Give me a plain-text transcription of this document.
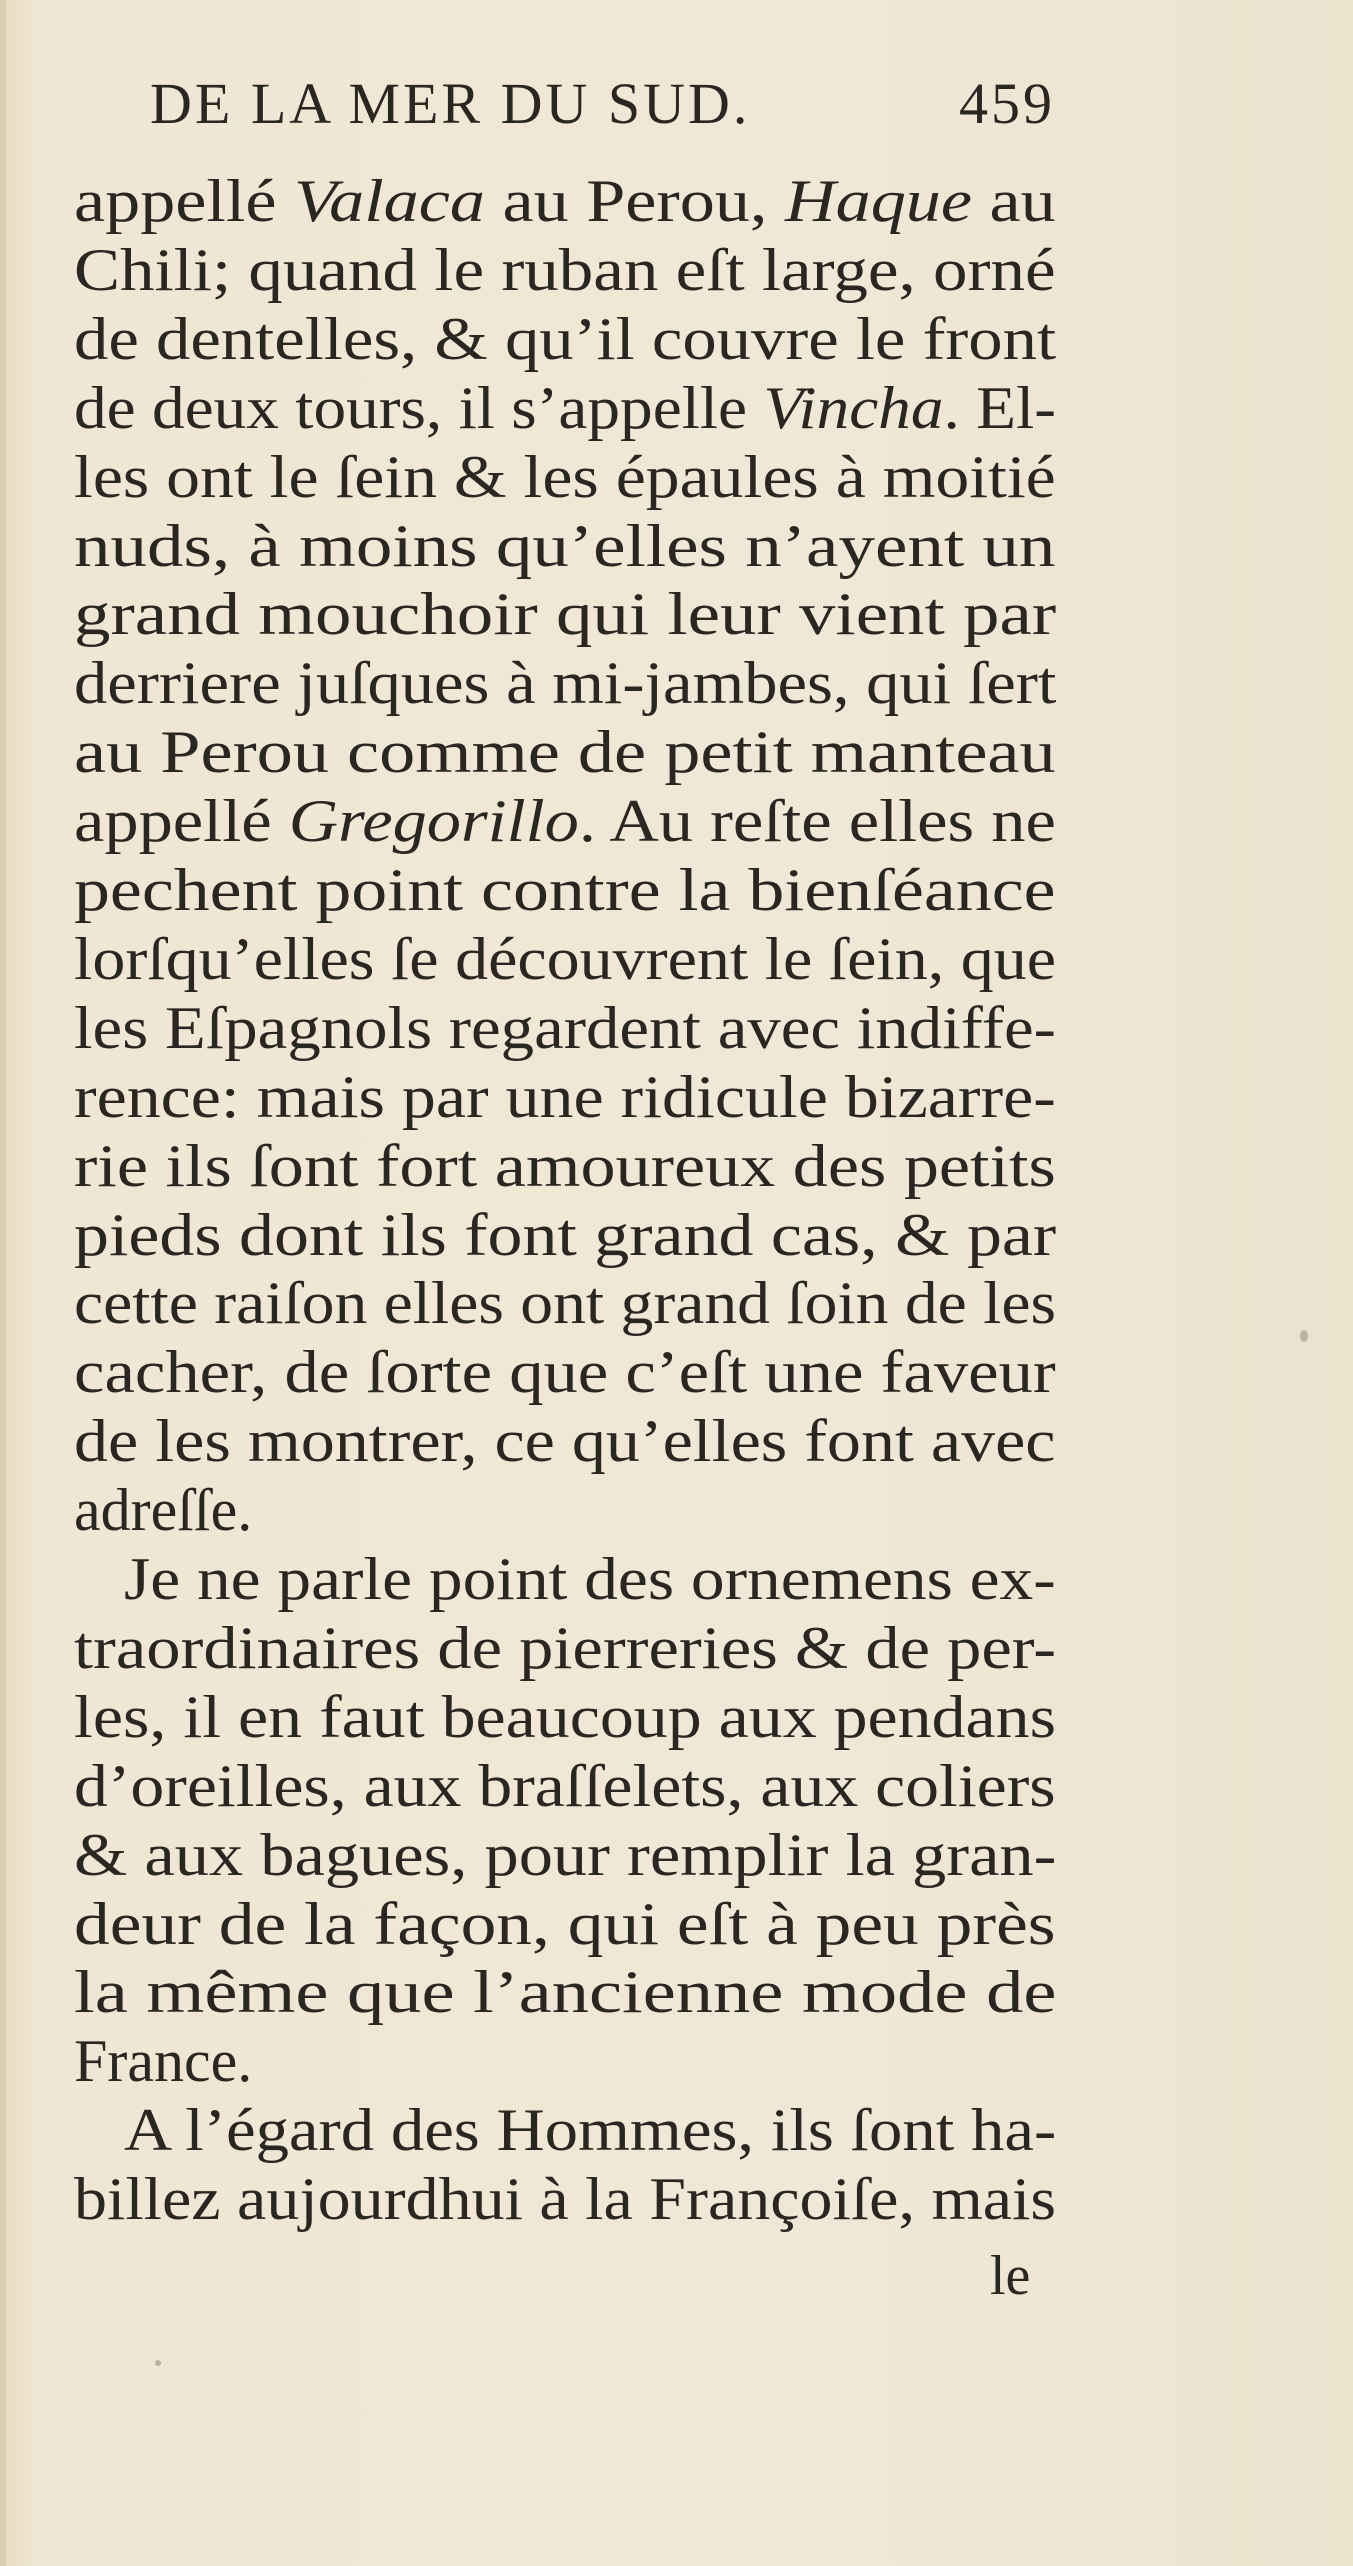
DE LA MER DU SUD.	459
appellé Valaca au Perou, Haque au
Chili; quand le ruban eſt large, orné
de dentelles, & qu’il couvre le front
de deux tours, il s’appelle Vincha. El-
les ont le ſein & les épaules à moitié
nuds, à moins qu’elles n’ayent un
grand mouchoir qui leur vient par
derriere juſques à mi-jambes, qui ſert
au Perou comme de petit manteau
appellé Gregorillo. Au reſte elles ne
pechent point contre la bienſéance
lorſqu’elles ſe découvrent le ſein, que
les Eſpagnols regardent avec indiffe-
rence: mais par une ridicule bizarre-
rie ils ſont fort amoureux des petits
pieds dont ils font grand cas, & par
cette raiſon elles ont grand ſoin de les
cacher, de ſorte que c’eſt une faveur
de les montrer, ce qu’elles font avec
adreſſe.
Je ne parle point des ornemens ex-
traordinaires de pierreries & de per-
les, il en faut beaucoup aux pendans
d’oreilles, aux braſſelets, aux coliers
& aux bagues, pour remplir la gran-
deur de la façon, qui eſt à peu près
la même que l’ancienne mode de
France.
A l’égard des Hommes, ils ſont ha-
billez aujourdhui à la Françoiſe, mais
le
